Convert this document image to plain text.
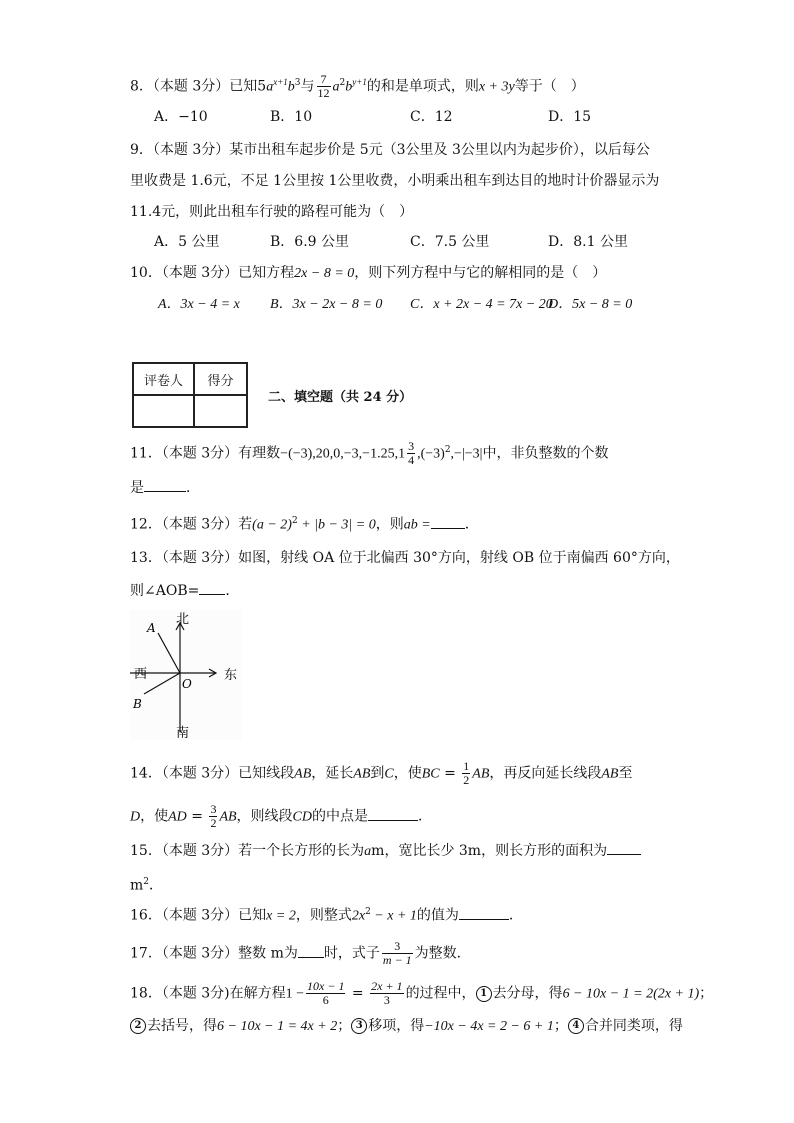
8．（本题 3分）已知$5a^{x+1}b^3$与 $\frac{7}{12} a^2b^{y+1}$的和是单项式，则x + 3y等于（　）
A．−10	B．10	C．12	D．15
9．（本题 3分）某市出租车起步价是 5元（3公里及 3公里以内为起步价），以后每公
里收费是 1.6元，不足 1公里按 1公里收费，小明乘出租车到达目的地时计价器显示为
11.4元，则此出租车行驶的路程可能为（　）
A．5 公里	B．6.9 公里	C．7.5 公里	D．8.1 公里
10．（本题 3分）已知方程2x − 8 = 0，则下列方程中与它的解相同的是（　）
A．3x − 4 = x B．3x − 2x − 8 = 0 C．x + 2x − 4 = 7x − 20
D．5x − 8 = 0
评卷人	得分

二、填空题（共 24 分）
11．（本题 3分）有理数$-(-3),20,0,-3,-1.25,1 \frac{3}{4} ,(-3)^2,-|-3|$中，非负整数的个数
是	．
12．（本题 3分）若$(a - 2)^2 + |b - 3| = 0$，则ab = ．
13．（本题 3分）如图，射线 OA 位于北偏西 30°方向，射线 OB 位于南偏西 60°方向，
则∠AOB= ．
北
西	东
南
A
B
O
14．（本题 3分）已知线段AB，延长AB到C，使BC = $\frac{1}{2}$ AB，再反向延长线段AB至
D，使AD = $\frac{3}{2}$ AB，则线段CD的中点是	．
15．（本题 3分）若一个长方形的长为am，宽比长少 3m，则长方形的面积为
$m^2$．
16．（本题 3分）已知x = 2，则整式$2x^2 - x + 1$的值为	．
17．（本题 3分）整数 m为 时，式子 $\frac{3}{m - 1}$ 为整数．
18．（本题 3分)在解方程$1 - \frac{10x - 1}{6} = \frac{2x + 1}{3}$ 的过程中， 1 去分母，得6 − 10x − 1 = 2(2x + 1)；
2 去括号，得6 − 10x − 1 = 4x + 2； 3 移项，得−10x − 4x = 2 − 6 + 1； 4 合并同类项，得
